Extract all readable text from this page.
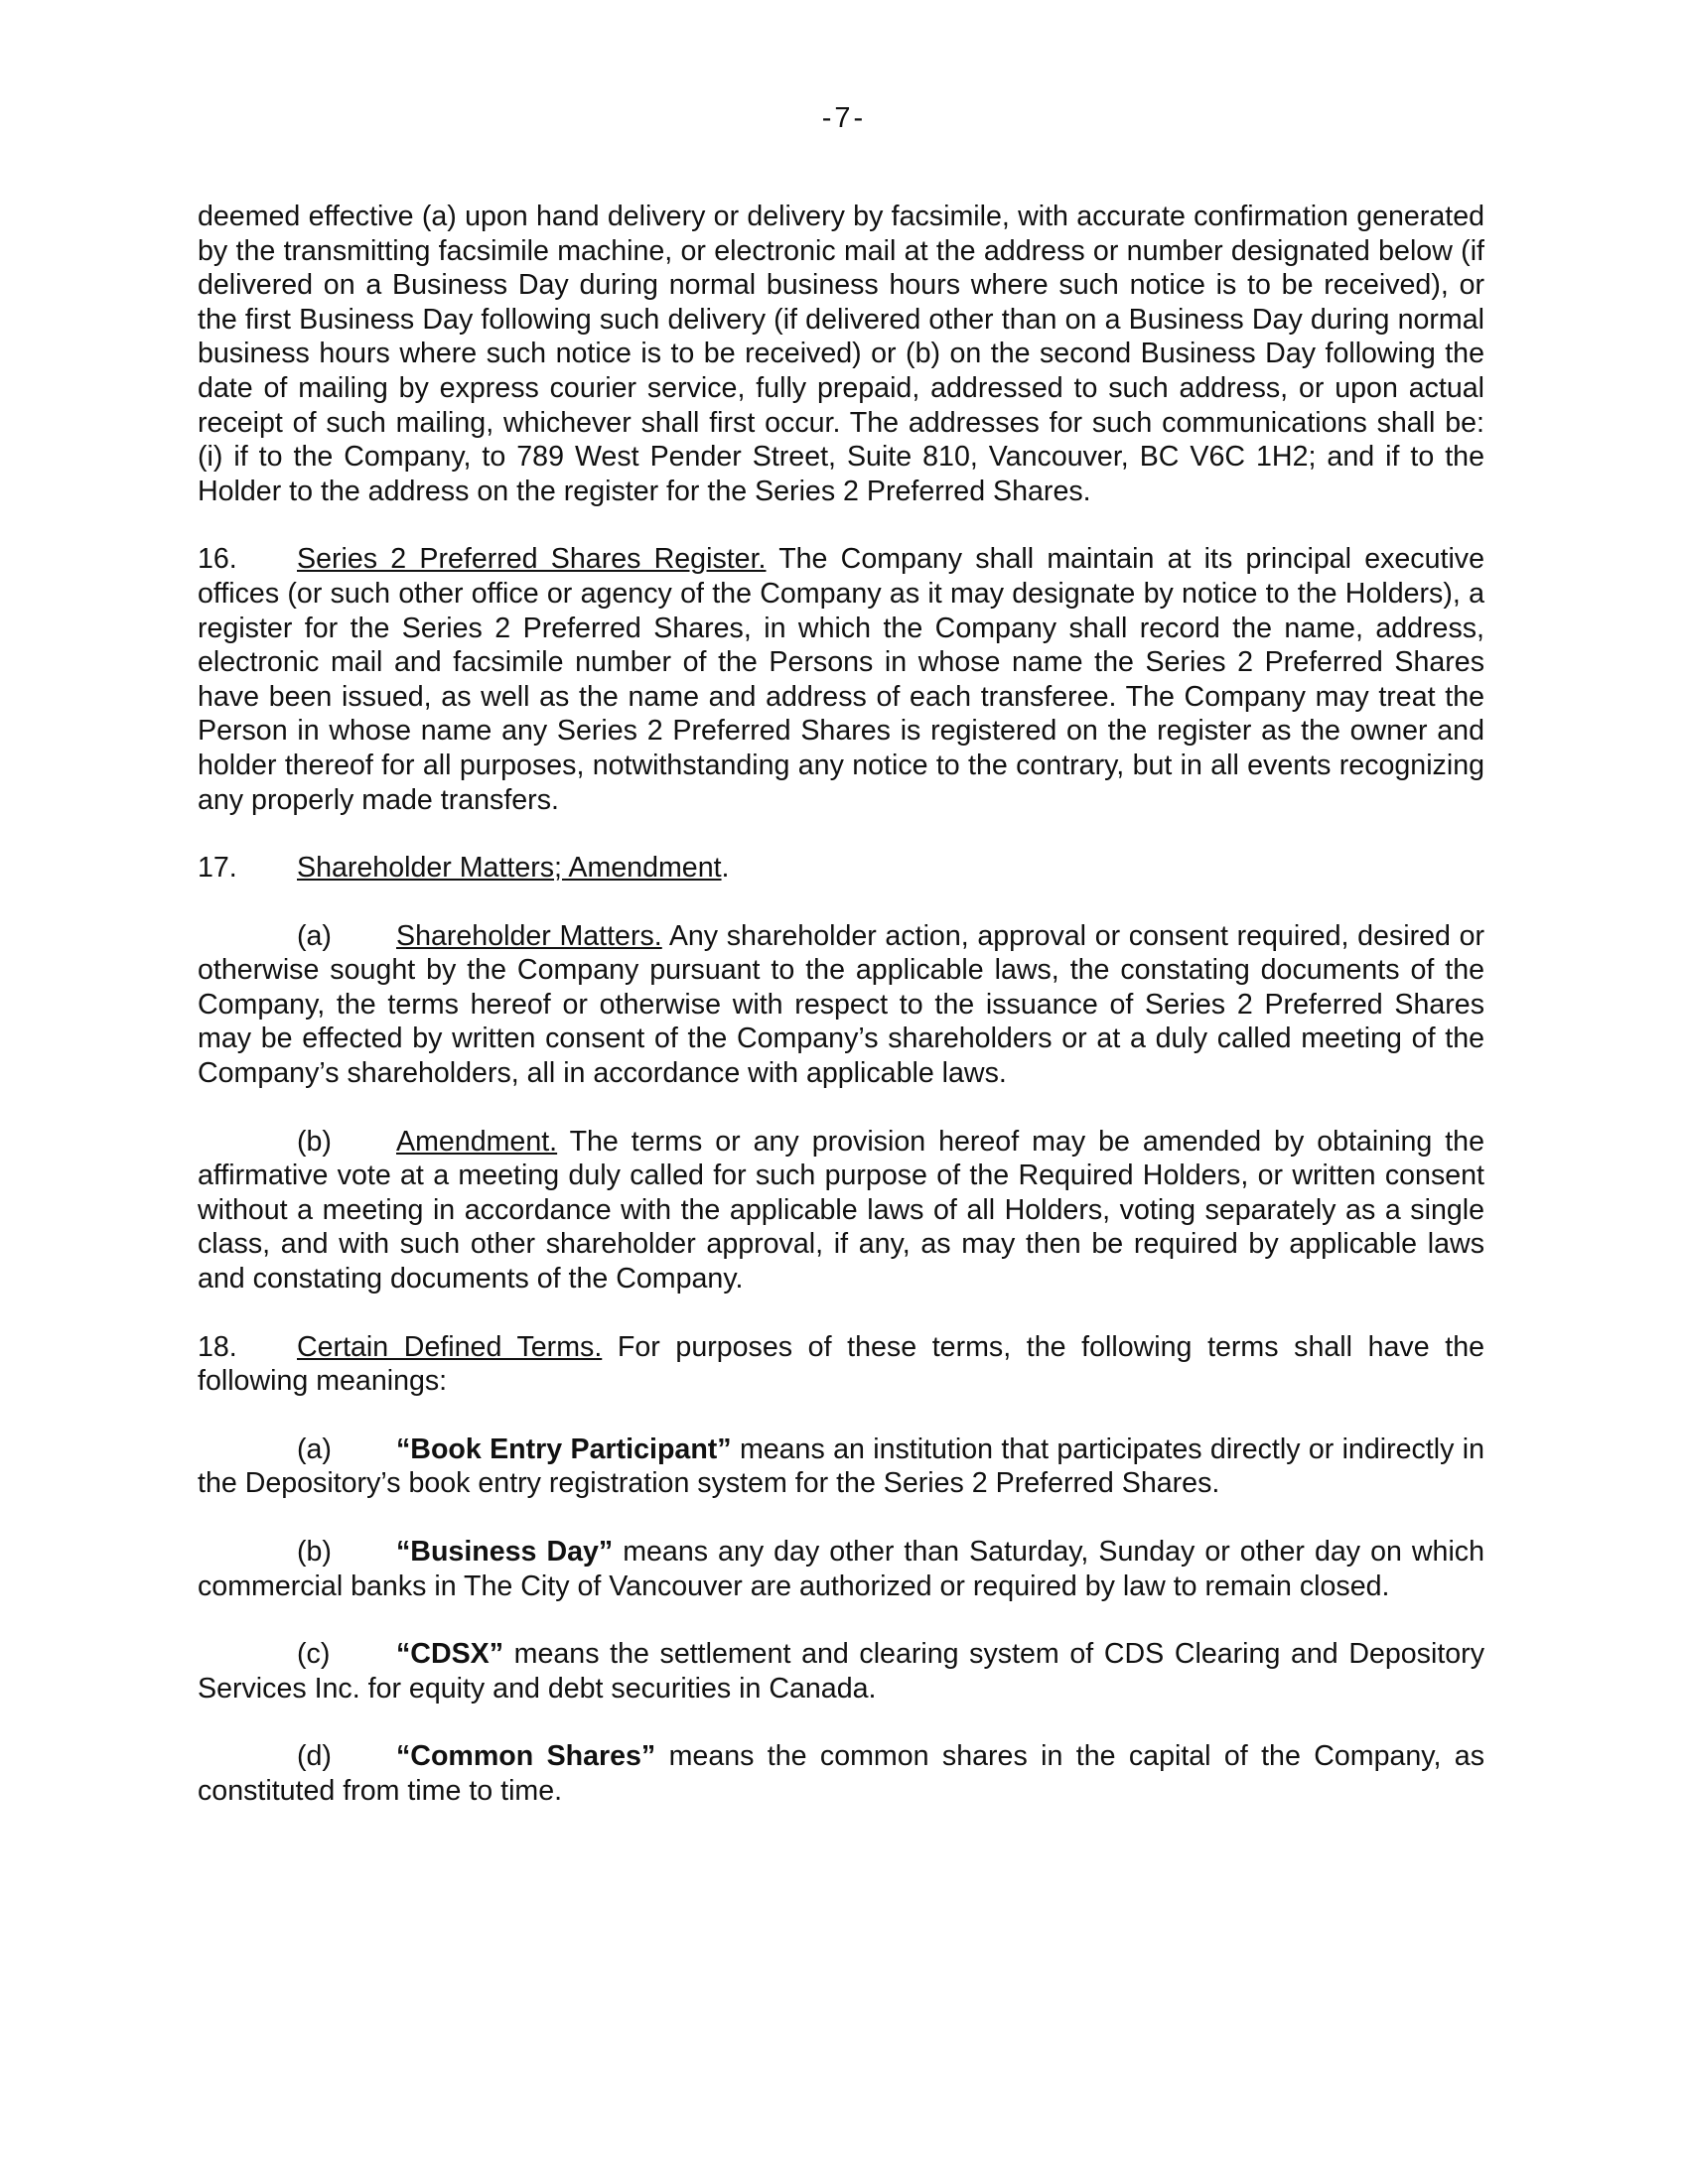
-7-

deemed effective (a) upon hand delivery or delivery by facsimile, with accurate confirmation generated by the transmitting facsimile machine, or electronic mail at the address or number designated below (if delivered on a Business Day during normal business hours where such notice is to be received), or the first Business Day following such delivery (if delivered other than on a Business Day during normal business hours where such notice is to be received) or (b) on the second Business Day following the date of mailing by express courier service, fully prepaid, addressed to such address, or upon actual receipt of such mailing, whichever shall first occur. The addresses for such communications shall be: (i) if to the Company, to 789 West Pender Street, Suite 810, Vancouver, BC V6C 1H2; and if to the Holder to the address on the register for the Series 2 Preferred Shares.

16. Series 2 Preferred Shares Register. The Company shall maintain at its principal executive offices (or such other office or agency of the Company as it may designate by notice to the Holders), a register for the Series 2 Preferred Shares, in which the Company shall record the name, address, electronic mail and facsimile number of the Persons in whose name the Series 2 Preferred Shares have been issued, as well as the name and address of each transferee. The Company may treat the Person in whose name any Series 2 Preferred Shares is registered on the register as the owner and holder thereof for all purposes, notwithstanding any notice to the contrary, but in all events recognizing any properly made transfers.

17. Shareholder Matters; Amendment.

(a) Shareholder Matters. Any shareholder action, approval or consent required, desired or otherwise sought by the Company pursuant to the applicable laws, the constating documents of the Company, the terms hereof or otherwise with respect to the issuance of Series 2 Preferred Shares may be effected by written consent of the Company’s shareholders or at a duly called meeting of the Company’s shareholders, all in accordance with applicable laws.

(b) Amendment. The terms or any provision hereof may be amended by obtaining the affirmative vote at a meeting duly called for such purpose of the Required Holders, or written consent without a meeting in accordance with the applicable laws of all Holders, voting separately as a single class, and with such other shareholder approval, if any, as may then be required by applicable laws and constating documents of the Company.

18. Certain Defined Terms. For purposes of these terms, the following terms shall have the following meanings:

(a) “Book Entry Participant” means an institution that participates directly or indirectly in the Depository’s book entry registration system for the Series 2 Preferred Shares.

(b) “Business Day” means any day other than Saturday, Sunday or other day on which commercial banks in The City of Vancouver are authorized or required by law to remain closed.

(c) “CDSX” means the settlement and clearing system of CDS Clearing and Depository Services Inc. for equity and debt securities in Canada.

(d) “Common Shares” means the common shares in the capital of the Company, as constituted from time to time.
